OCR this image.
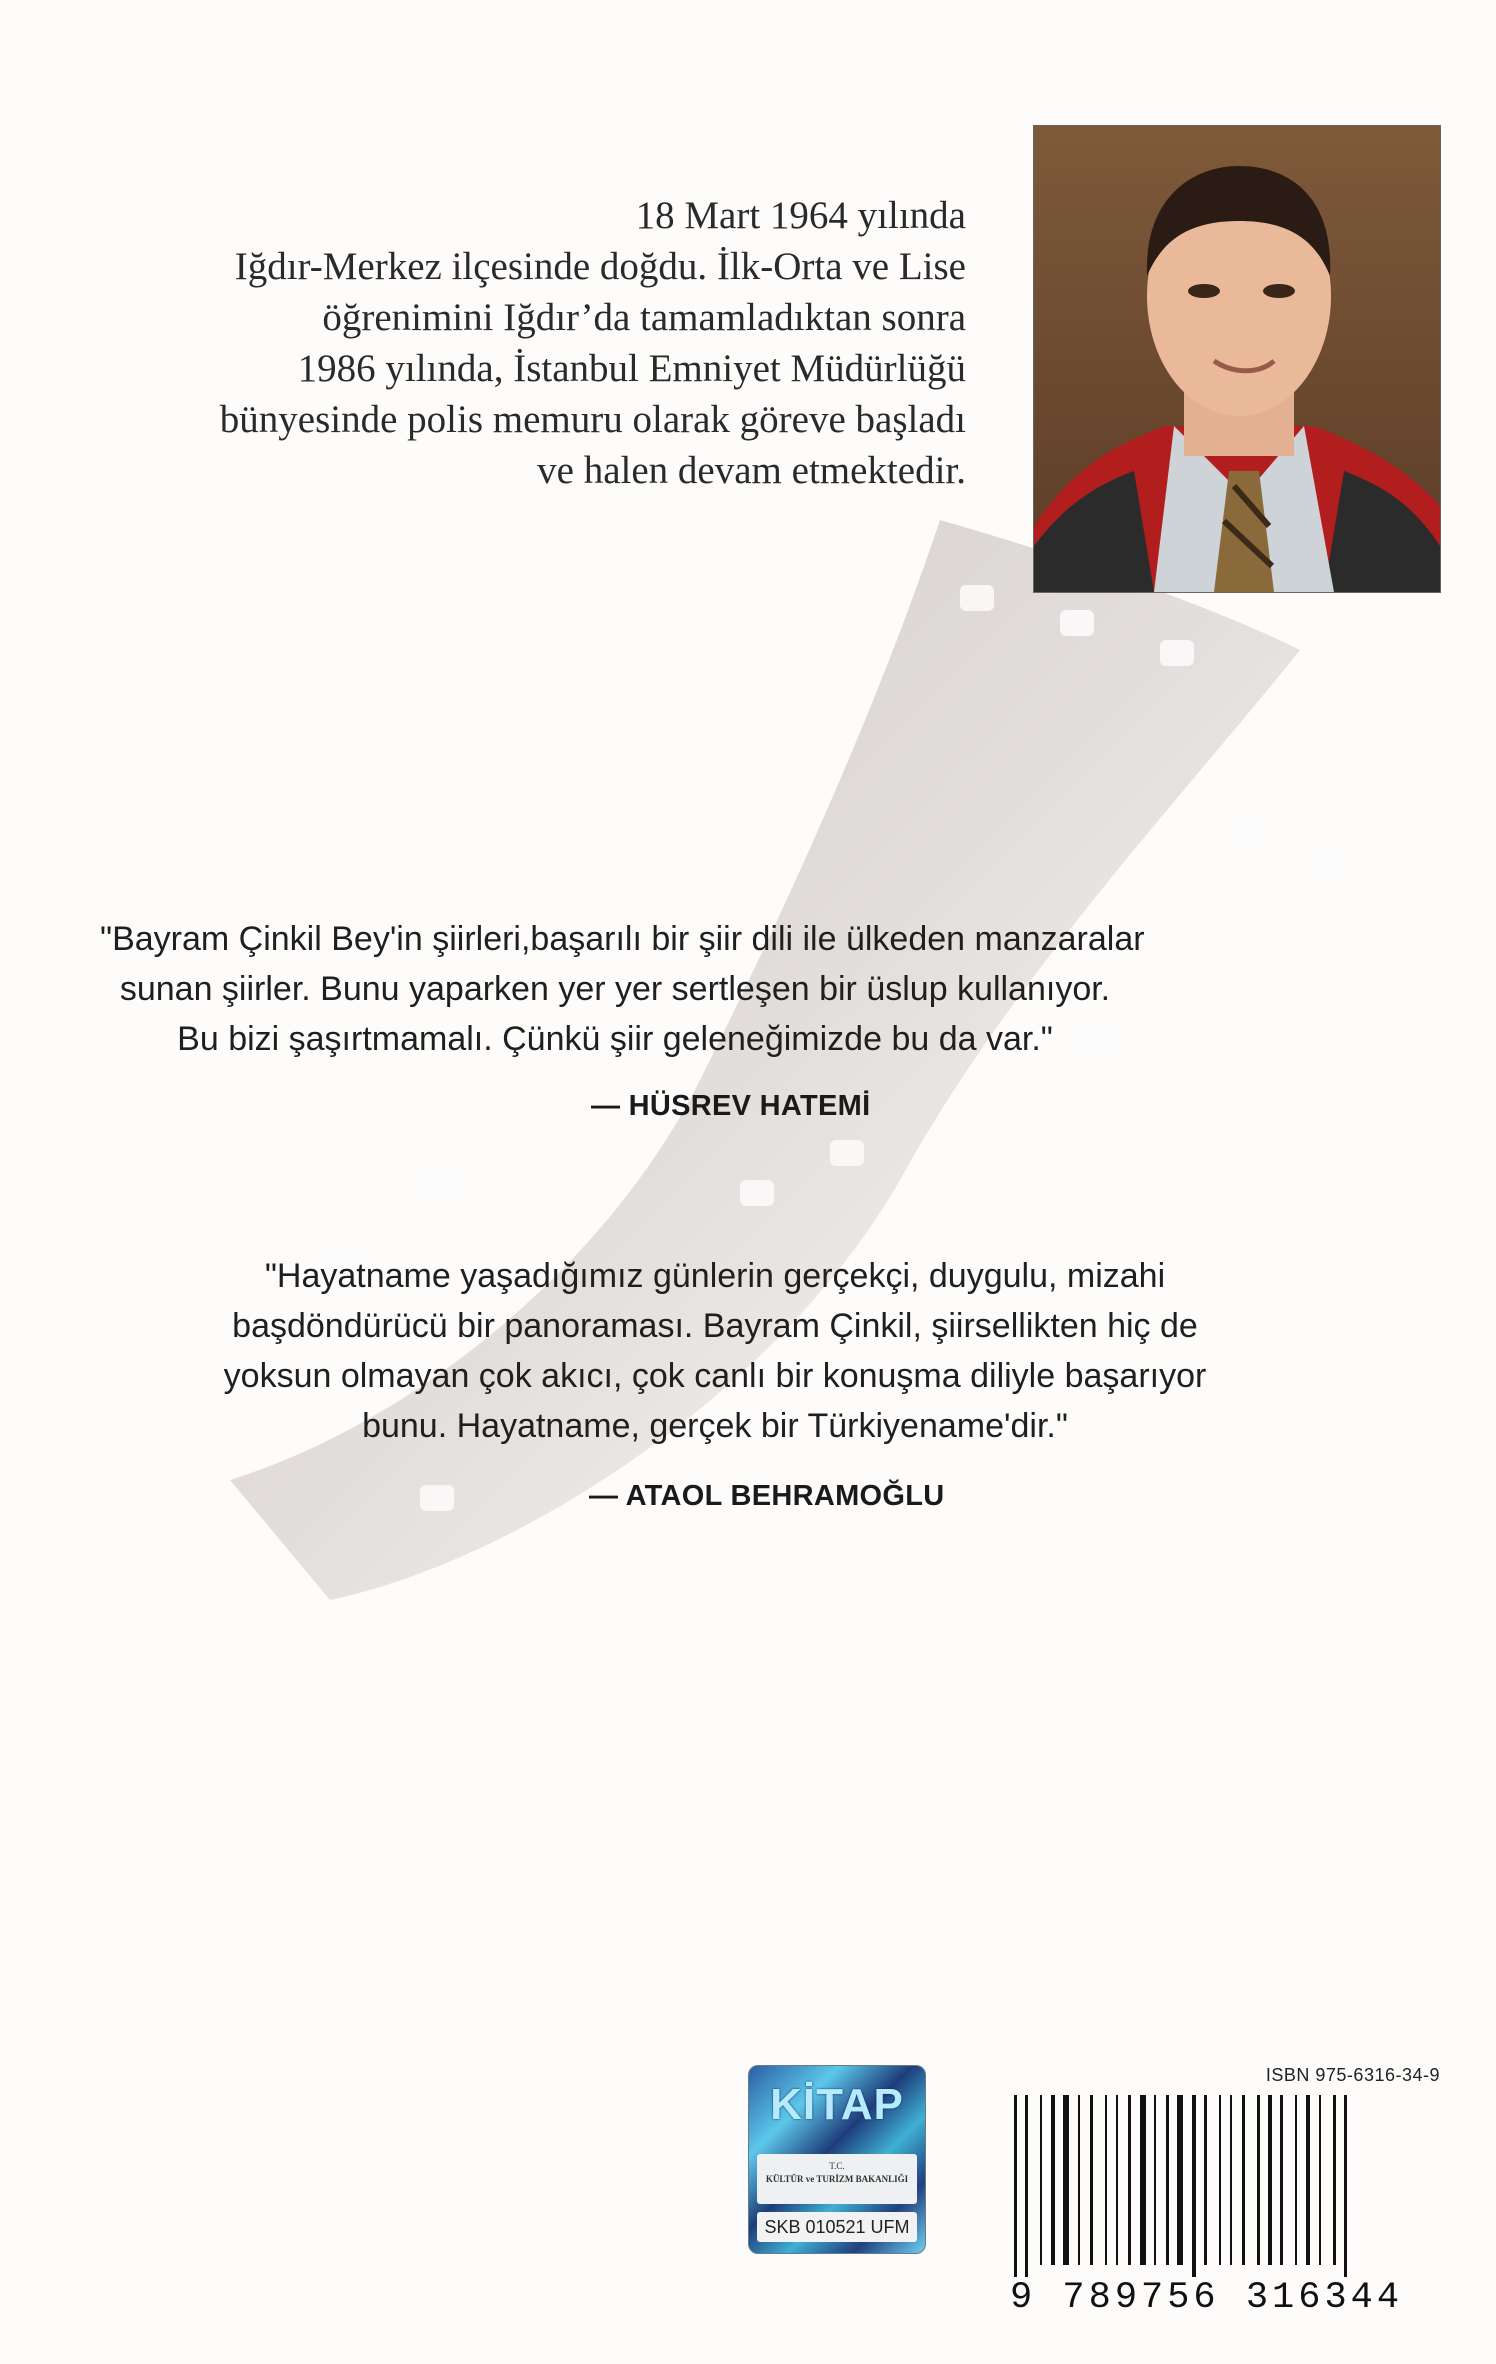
18 Mart 1964 yılında
Iğdır-Merkez ilçesinde doğdu. İlk-Orta ve Lise
öğrenimini Iğdır’da tamamladıktan sonra
1986 yılında, İstanbul Emniyet Müdürlüğü
bünyesinde polis memuru olarak göreve başladı
ve halen devam etmektedir.
"Bayram Çinkil Bey'in şiirleri,başarılı bir şiir dili ile ülkeden manzaralar
sunan şiirler. Bunu yaparken yer yer sertleşen bir üslup kullanıyor.
Bu bizi şaşırtmamalı. Çünkü şiir geleneğimizde bu da var."
— HÜSREV HATEMİ
"Hayatname yaşadığımız günlerin gerçekçi, duygulu, mizahi
başdöndürücü bir panoraması. Bayram Çinkil, şiirsellikten hiç de
yoksun olmayan çok akıcı, çok canlı bir konuşma diliyle başarıyor
bunu. Hayatname, gerçek bir Türkiyename'dir."
— ATAOL BEHRAMOĞLU
KİTAP
T.C.
KÜLTÜR ve TURİZM BAKANLIĞI
SKB 010521 UFM
ISBN 975-6316-34-9
9 789756 316344
